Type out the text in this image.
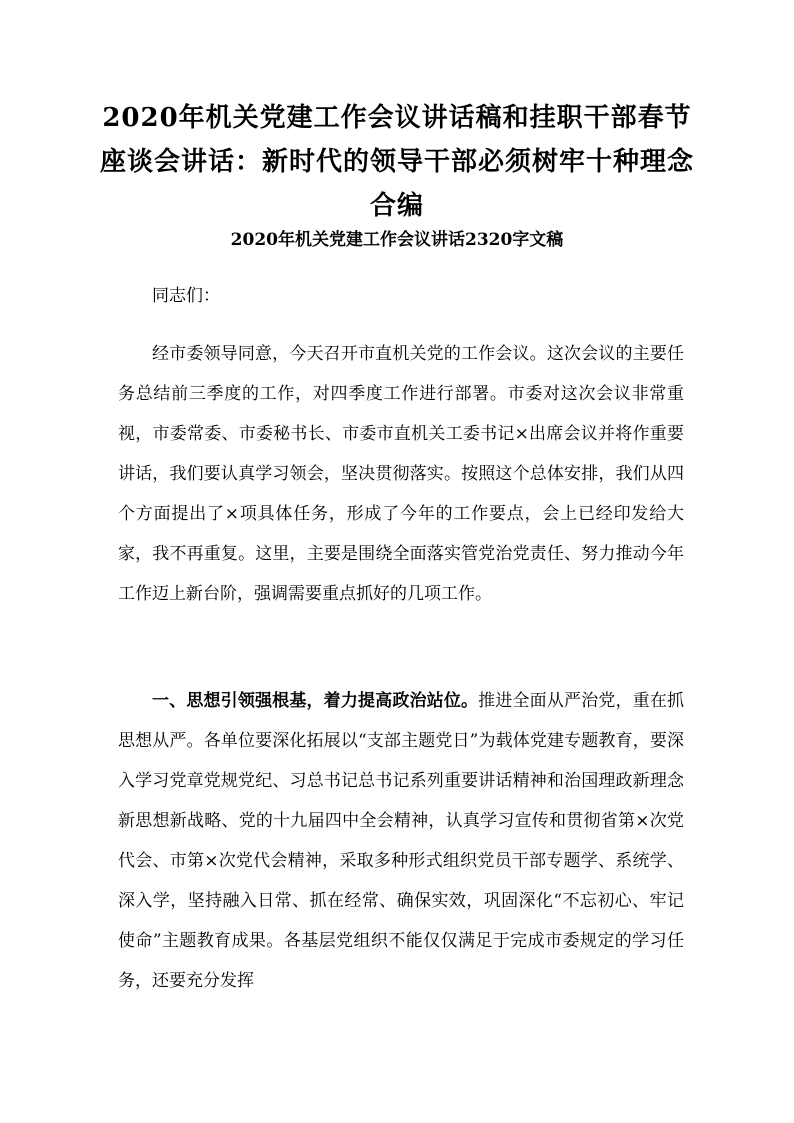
2020年机关党建工作会议讲话稿和挂职干部春节座谈会讲话：新时代的领导干部必须树牢十种理念合编
2020年机关党建工作会议讲话2320字文稿

同志们：

经市委领导同意，今天召开市直机关党的工作会议。这次会议的主要任务总结前三季度的工作，对四季度工作进行部署。市委对这次会议非常重视，市委常委、市委秘书长、市委市直机关工委书记×出席会议并将作重要讲话，我们要认真学习领会，坚决贯彻落实。按照这个总体安排，我们从四个方面提出了×项具体任务，形成了今年的工作要点，会上已经印发给大家，我不再重复。这里，主要是围绕全面落实管党治党责任、努力推动今年工作迈上新台阶，强调需要重点抓好的几项工作。

一、思想引领强根基，着力提高政治站位。推进全面从严治党，重在抓思想从严。各单位要深化拓展以“支部主题党日”为载体党建专题教育，要深入学习党章党规党纪、习总书记总书记系列重要讲话精神和治国理政新理念新思想新战略、党的十九届四中全会精神，认真学习宣传和贯彻省第×次党代会、市第×次党代会精神，采取多种形式组织党员干部专题学、系统学、深入学，坚持融入日常、抓在经常、确保实效，巩固深化“不忘初心、牢记使命”主题教育成果。各基层党组织不能仅仅满足于完成市委规定的学习任务，还要充分发挥
